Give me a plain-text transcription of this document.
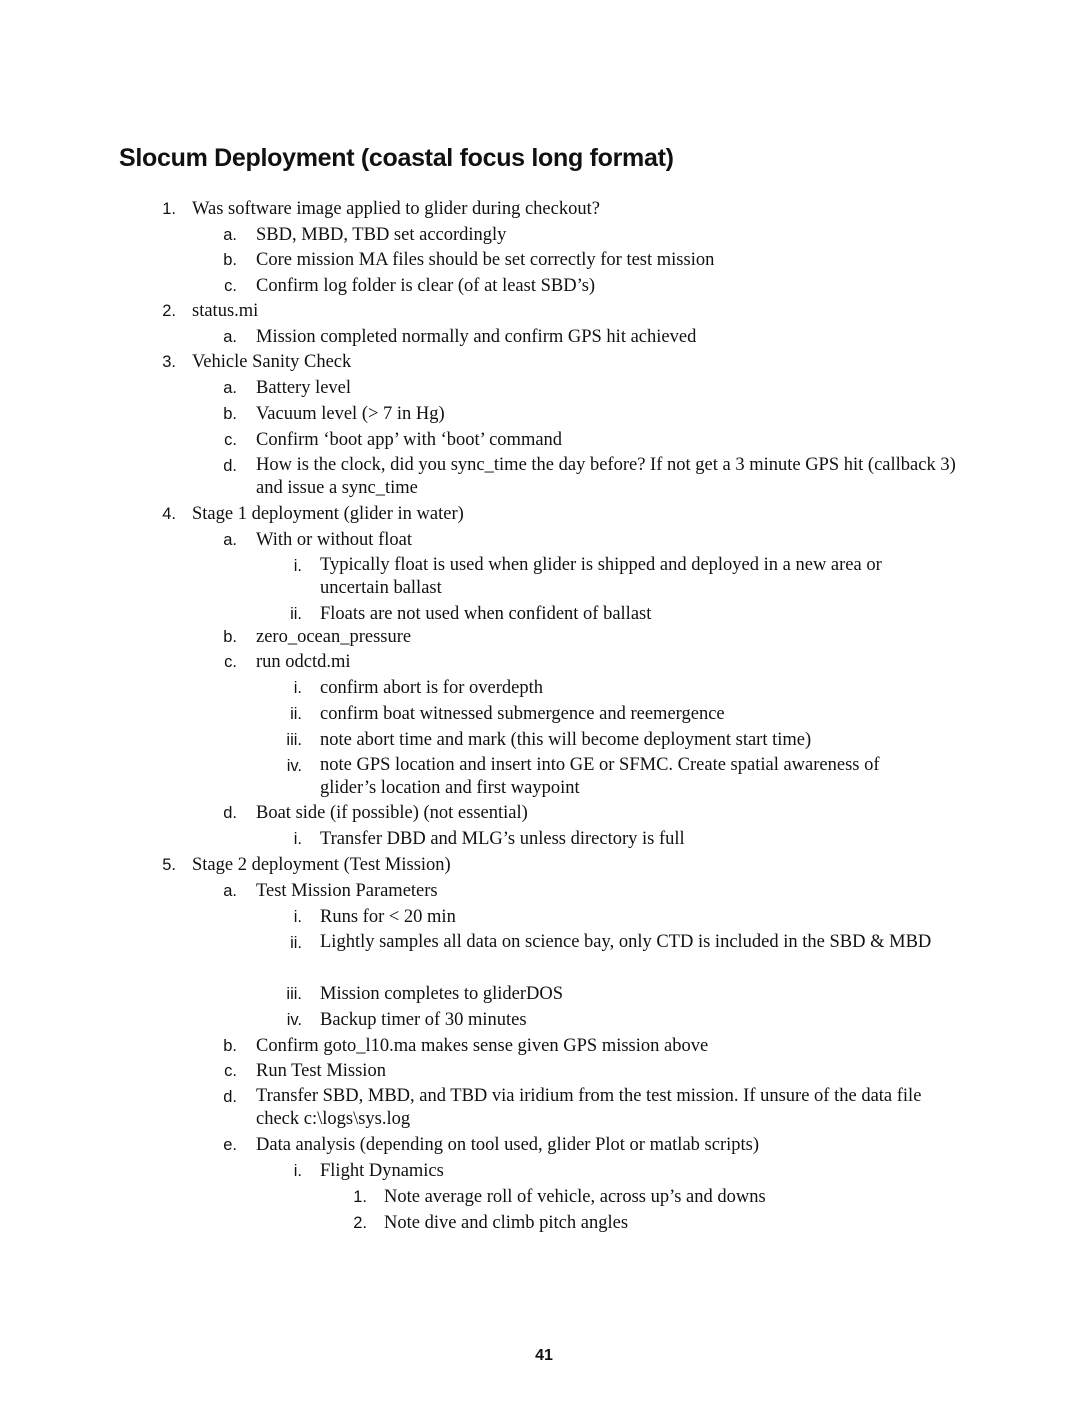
Slocum Deployment (coastal focus long format)
1. Was software image applied to glider during checkout?
a. SBD, MBD, TBD set accordingly
b. Core mission MA files should be set correctly for test mission
c. Confirm log folder is clear (of at least SBD’s)
2. status.mi
a. Mission completed normally and confirm GPS hit achieved
3. Vehicle Sanity Check
a. Battery level
b. Vacuum level (> 7 in Hg)
c. Confirm ‘boot app’ with ‘boot’ command
d. How is the clock, did you sync_time the day before? If not get a 3 minute GPS hit (callback 3) and issue a sync_time
4. Stage 1 deployment (glider in water)
a. With or without float
i. Typically float is used when glider is shipped and deployed in a new area or uncertain ballast
ii. Floats are not used when confident of ballast
b. zero_ocean_pressure
c. run odctd.mi
i. confirm abort is for overdepth
ii. confirm boat witnessed submergence and reemergence
iii. note abort time and mark (this will become deployment start time)
iv. note GPS location and insert into GE or SFMC. Create spatial awareness of glider’s location and first waypoint
d. Boat side (if possible) (not essential)
i. Transfer DBD and MLG’s unless directory is full
5. Stage 2 deployment (Test Mission)
a. Test Mission Parameters
i. Runs for < 20 min
ii. Lightly samples all data on science bay, only CTD is included in the SBD & MBD
iii. Mission completes to gliderDOS
iv. Backup timer of 30 minutes
b. Confirm goto_l10.ma makes sense given GPS mission above
c. Run Test Mission
d. Transfer SBD, MBD, and TBD via iridium from the test mission. If unsure of the data file check c:\logs\sys.log
e. Data analysis (depending on tool used, glider Plot or matlab scripts)
i. Flight Dynamics
1. Note average roll of vehicle, across up’s and downs
2. Note dive and climb pitch angles
41
